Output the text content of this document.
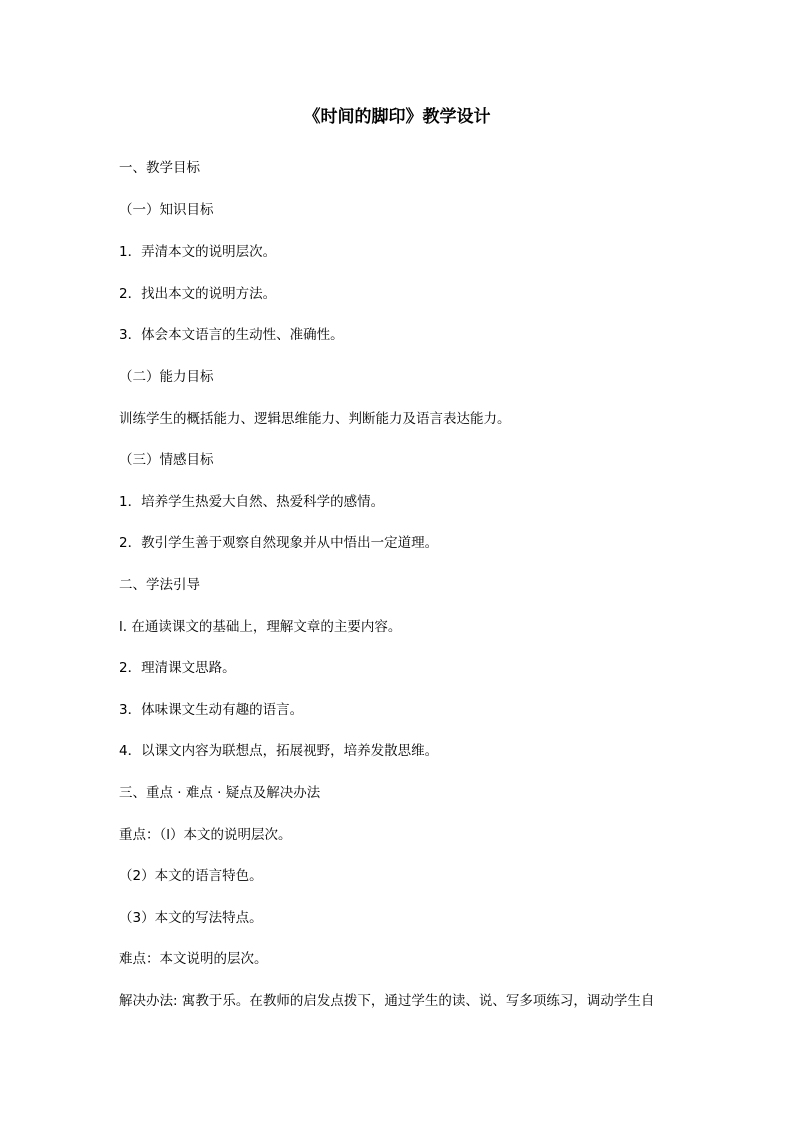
《时间的脚印》教学设计
一、教学目标
（一）知识目标
1．弄清本文的说明层次。
2．找出本文的说明方法。
3．体会本文语言的生动性、准确性。
（二）能力目标
训练学生的概括能力、逻辑思维能力、判断能力及语言表达能力。
（三）情感目标
1．培养学生热爱大自然、热爱科学的感情。
2．教引学生善于观察自然现象并从中悟出一定道理。
二、学法引导
l. 在通读课文的基础上，理解文章的主要内容。
2．理清课文思路。
3．体味课文生动有趣的语言。
4．以课文内容为联想点，拓展视野，培养发散思维。
三、重点 · 难点 · 疑点及解决办法
重点：（l）本文的说明层次。
（2）本文的语言特色。
（3）本文的写法特点。
难点：本文说明的层次。
解决办法: 寓教于乐。在教师的启发点拨下，通过学生的读、说、写多项练习，调动学生自
